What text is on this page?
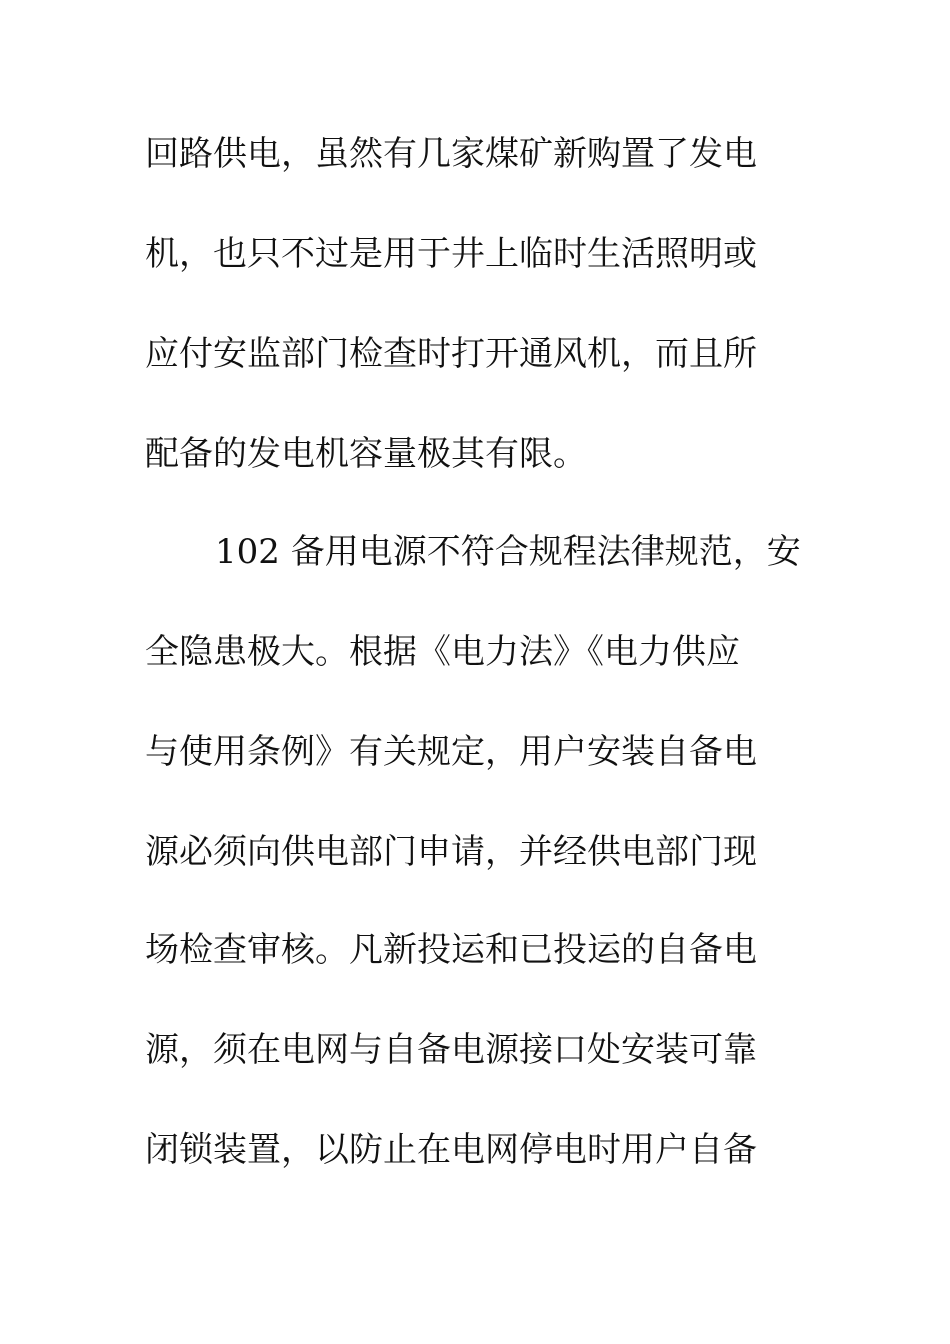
回路供电，虽然有几家煤矿新购置了发电
机，也只不过是用于井上临时生活照明或
应付安监部门检查时打开通风机，而且所
配备的发电机容量极其有限。
102 备用电源不符合规程法律规范，安
全隐患极大。根据《电力法》《电力供应
与使用条例》有关规定，用户安装自备电
源必须向供电部门申请，并经供电部门现
场检查审核。凡新投运和已投运的自备电
源，须在电网与自备电源接口处安装可靠
闭锁装置，以防止在电网停电时用户自备
